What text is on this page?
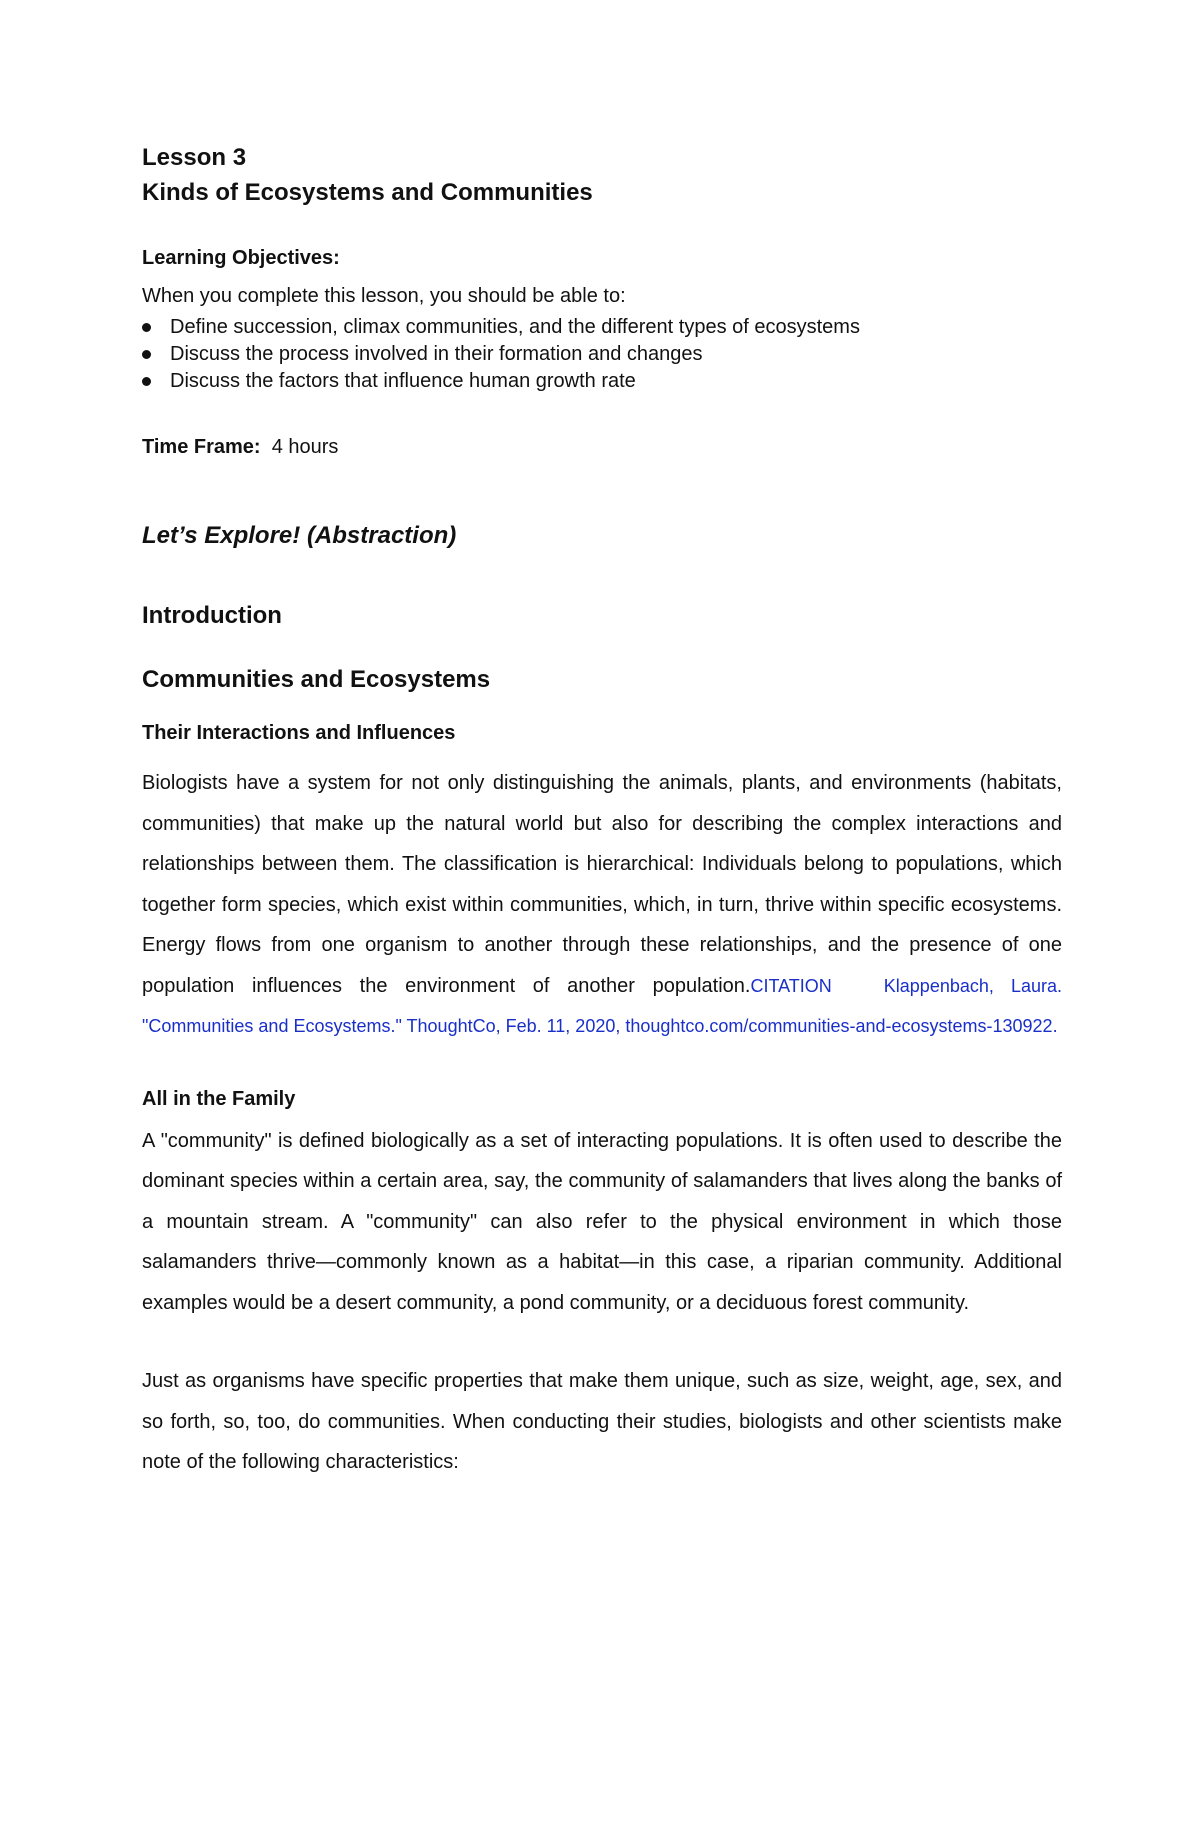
Lesson 3
Kinds of Ecosystems and Communities
Learning Objectives:
When you complete this lesson, you should be able to:
Define succession, climax communities, and the different types of ecosystems
Discuss the process involved in their formation and changes
Discuss the factors that influence human growth rate
Time Frame: 4 hours
Let’s Explore! (Abstraction)
Introduction
Communities and Ecosystems
Their Interactions and Influences

Biologists have a system for not only distinguishing the animals, plants, and environments (habitats, communities) that make up the natural world but also for describing the complex interactions and relationships between them. The classification is hierarchical: Individuals belong to populations, which together form species, which exist within communities, which, in turn, thrive within specific ecosystems. Energy flows from one organism to another through these relationships, and the presence of one population influences the environment of another population.CITATION	Klappenbach, Laura. "Communities and Ecosystems." ThoughtCo, Feb. 11, 2020, thoughtco.com/communities-and-ecosystems-130922.

All in the Family

A "community" is defined biologically as a set of interacting populations. It is often used to describe the dominant species within a certain area, say, the community of salamanders that lives along the banks of a mountain stream. A "community" can also refer to the physical environment in which those salamanders thrive—commonly known as a habitat—in this case, a riparian community. Additional examples would be a desert community, a pond community, or a deciduous forest community.

Just as organisms have specific properties that make them unique, such as size, weight, age, sex, and so forth, so, too, do communities. When conducting their studies, biologists and other scientists make note of the following characteristics:
